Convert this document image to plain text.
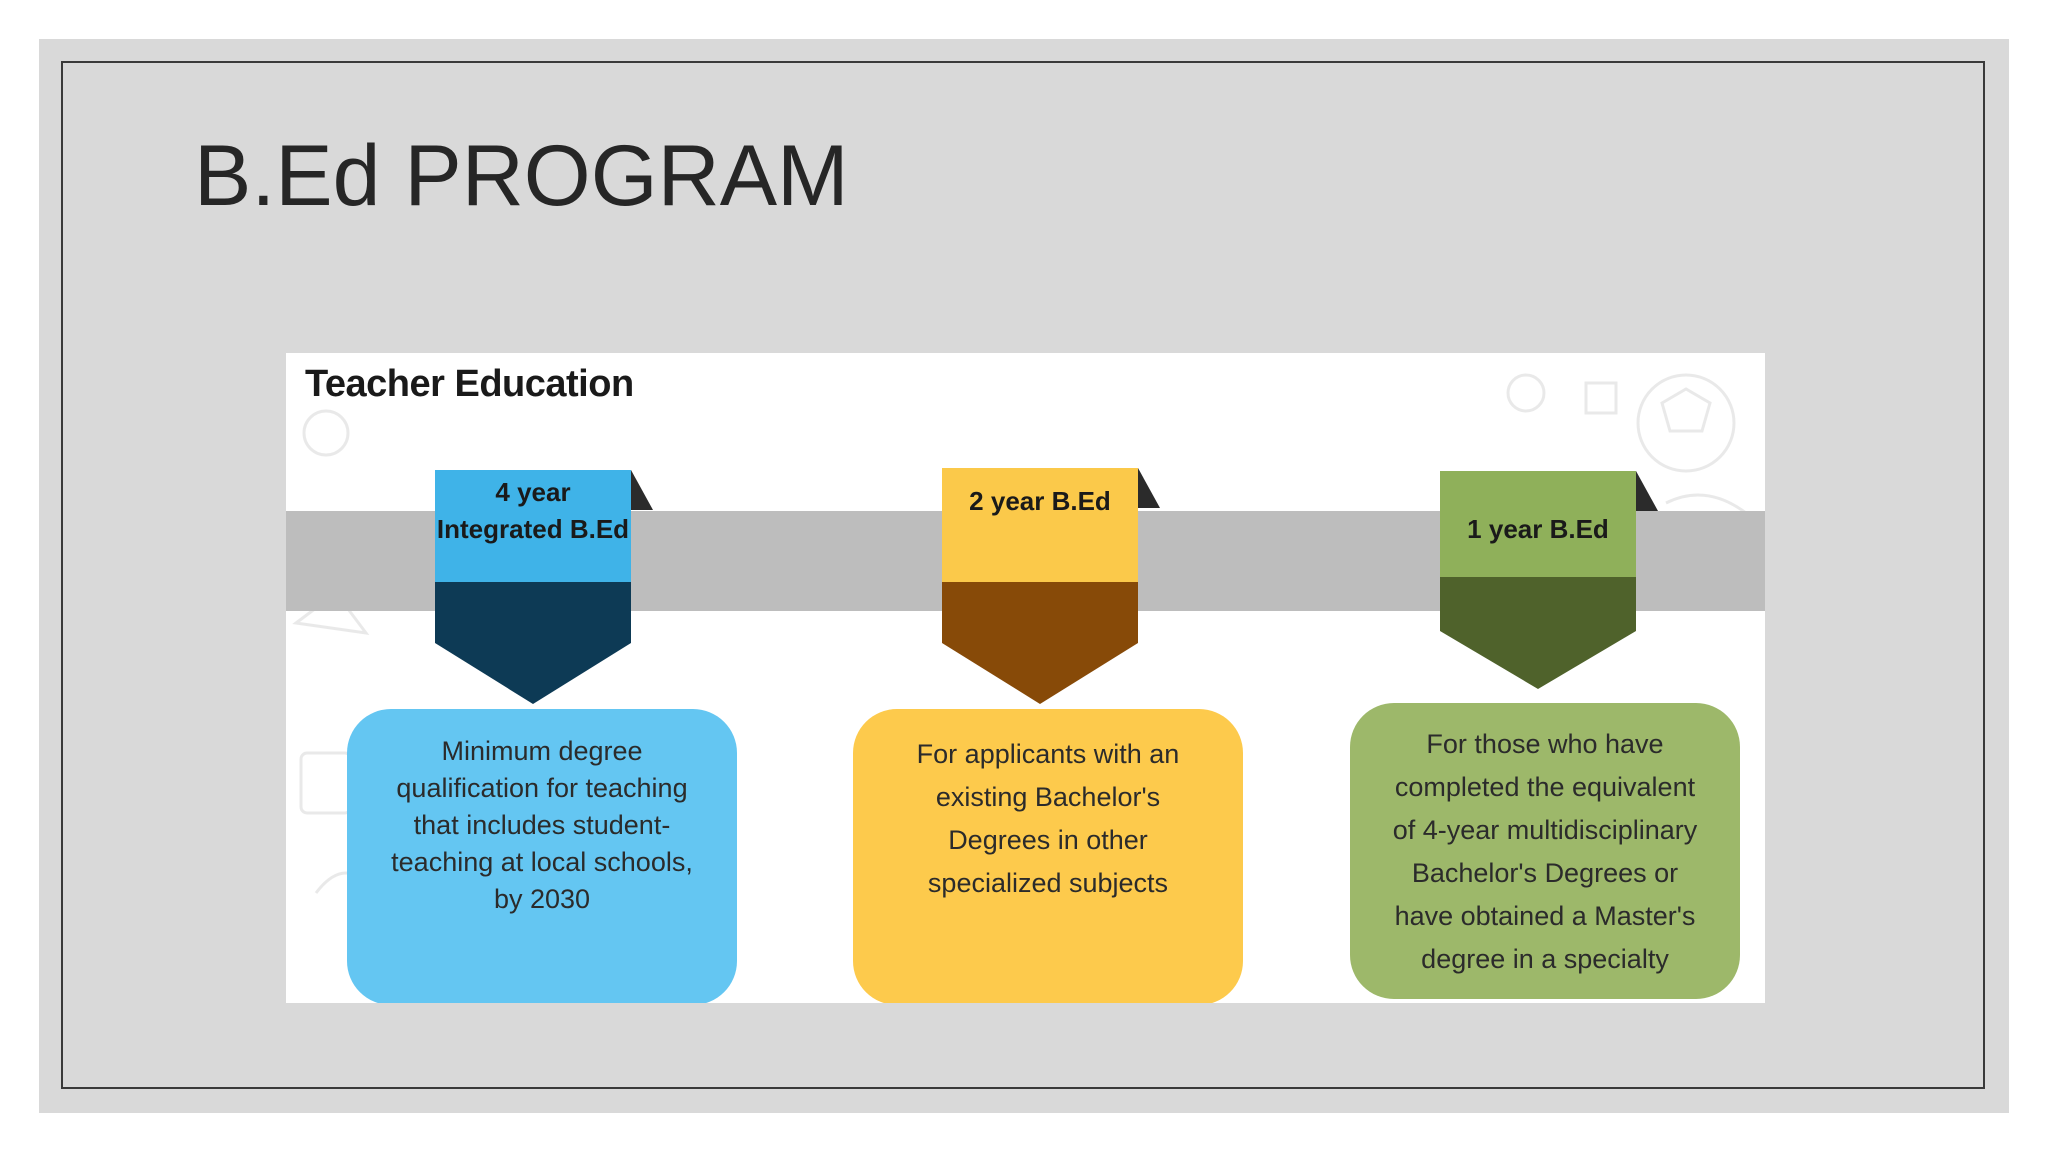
B.Ed PROGRAM
Teacher Education
4 year Integrated B.Ed
2 year B.Ed
1 year B.Ed
Minimum degree qualification for teaching that includes student-teaching at local schools, by 2030
For applicants with an existing Bachelor's Degrees in other specialized subjects
For those who have completed the equivalent of 4-year multidisciplinary Bachelor's Degrees or have obtained a Master's degree in a specialty
